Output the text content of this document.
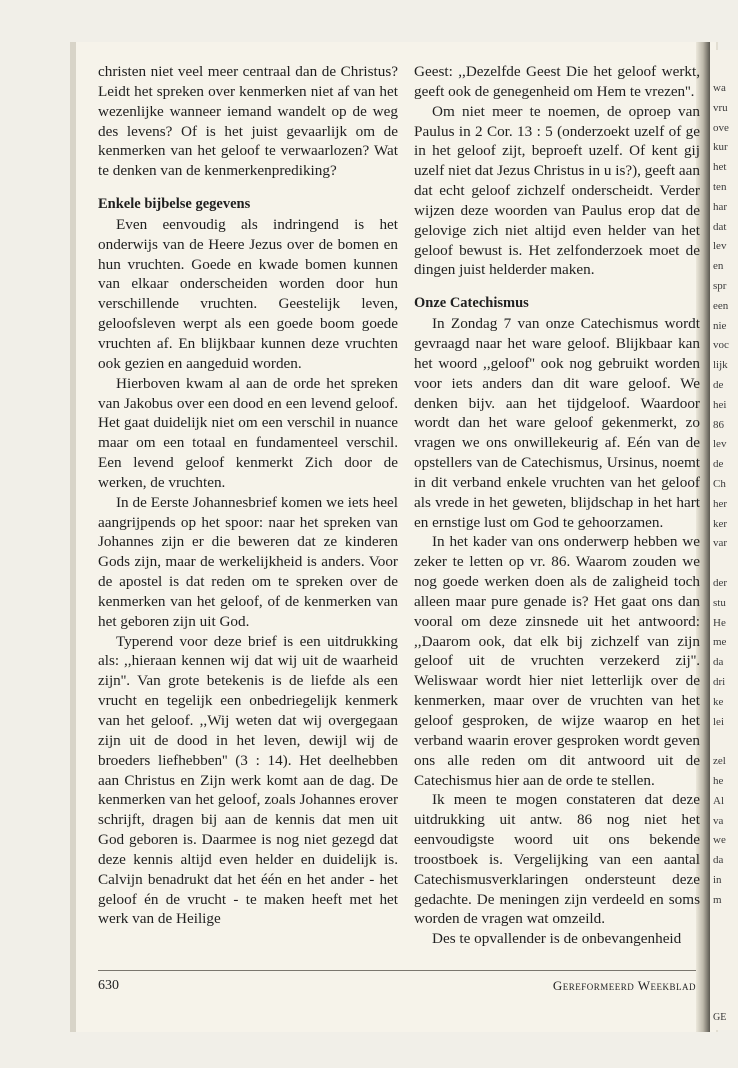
wa
vru
ove
kur
het
ten
har
dat
lev
en
spr
een
nie
voc
lijk
de
hei
86
lev
de
Ch
her
ker
var
der
stu
He
me
da
dri
ke
lei
zel
he
Al
va
we
da
in
m
GE

christen niet veel meer centraal dan de Christus? Leidt het spreken over kenmerken niet af van het wezenlijke wanneer iemand wandelt op de weg des levens? Of is het juist gevaarlijk om de kenmerken van het geloof te verwaarlozen? Wat te denken van de kenmerkenprediking?

Enkele bijbelse gegevens

Even eenvoudig als indringend is het onderwijs van de Heere Jezus over de bomen en hun vruchten. Goede en kwade bomen kunnen van elkaar onderscheiden worden door hun verschillende vruchten. Geestelijk leven, geloofsleven werpt als een goede boom goede vruchten af. En blijkbaar kunnen deze vruchten ook gezien en aangeduid worden.

Hierboven kwam al aan de orde het spreken van Jakobus over een dood en een levend geloof. Het gaat duidelijk niet om een verschil in nuance maar om een totaal en fundamenteel verschil. Een levend geloof kenmerkt Zich door de werken, de vruchten.

In de Eerste Johannesbrief komen we iets heel aangrijpends op het spoor: naar het spreken van Johannes zijn er die beweren dat ze kinderen Gods zijn, maar de werkelijkheid is anders. Voor de apostel is dat reden om te spreken over de kenmerken van het geloof, of de kenmerken van het geboren zijn uit God.

Typerend voor deze brief is een uitdrukking als: ,,hieraan kennen wij dat wij uit de waarheid zijn''. Van grote betekenis is de liefde als een vrucht en tegelijk een onbedriegelijk kenmerk van het geloof. ,,Wij weten dat wij overgegaan zijn uit de dood in het leven, dewijl wij de broeders liefhebben'' (3 : 14). Het deelhebben aan Christus en Zijn werk komt aan de dag. De kenmerken van het geloof, zoals Johannes erover schrijft, dragen bij aan de kennis dat men uit God geboren is. Daarmee is nog niet gezegd dat deze kennis altijd even helder en duidelijk is. Calvijn benadrukt dat het één en het ander - het geloof én de vrucht - te maken heeft met het werk van de Heilige

Geest: ,,Dezelfde Geest Die het geloof werkt, geeft ook de genegenheid om Hem te vrezen''.

Om niet meer te noemen, de oproep van Paulus in 2 Cor. 13 : 5 (onderzoekt uzelf of ge in het geloof zijt, beproeft uzelf. Of kent gij uzelf niet dat Jezus Christus in u is?), geeft aan dat echt geloof zichzelf onderscheidt. Verder wijzen deze woorden van Paulus erop dat de gelovige zich niet altijd even helder van het geloof bewust is. Het zelfonderzoek moet de dingen juist helderder maken.

Onze Catechismus

In Zondag 7 van onze Catechismus wordt gevraagd naar het ware geloof. Blijkbaar kan het woord ,,geloof'' ook nog gebruikt worden voor iets anders dan dit ware geloof. We denken bijv. aan het tijdgeloof. Waardoor wordt dan het ware geloof gekenmerkt, zo vragen we ons onwillekeurig af. Eén van de opstellers van de Catechismus, Ursinus, noemt in dit verband enkele vruchten van het geloof als vrede in het geweten, blijdschap in het hart en ernstige lust om God te gehoorzamen.

In het kader van ons onderwerp hebben we zeker te letten op vr. 86. Waarom zouden we nog goede werken doen als de zaligheid toch alleen maar pure genade is? Het gaat ons dan vooral om deze zinsnede uit het antwoord: ,,Daarom ook, dat elk bij zichzelf van zijn geloof uit de vruchten verzekerd zij''. Weliswaar wordt hier niet letterlijk over de kenmerken, maar over de vruchten van het geloof gesproken, de wijze waarop en het verband waarin erover gesproken wordt geven ons alle reden om dit antwoord uit de Catechismus hier aan de orde te stellen.

Ik meen te mogen constateren dat deze uitdrukking uit antw. 86 nog niet het eenvoudigste woord uit ons bekende troostboek is. Vergelijking van een aantal Catechismusverklaringen ondersteunt deze gedachte. De meningen zijn verdeeld en soms worden de vragen wat omzeild.

Des te opvallender is de onbevangenheid

630	Gereformeerd Weekblad
